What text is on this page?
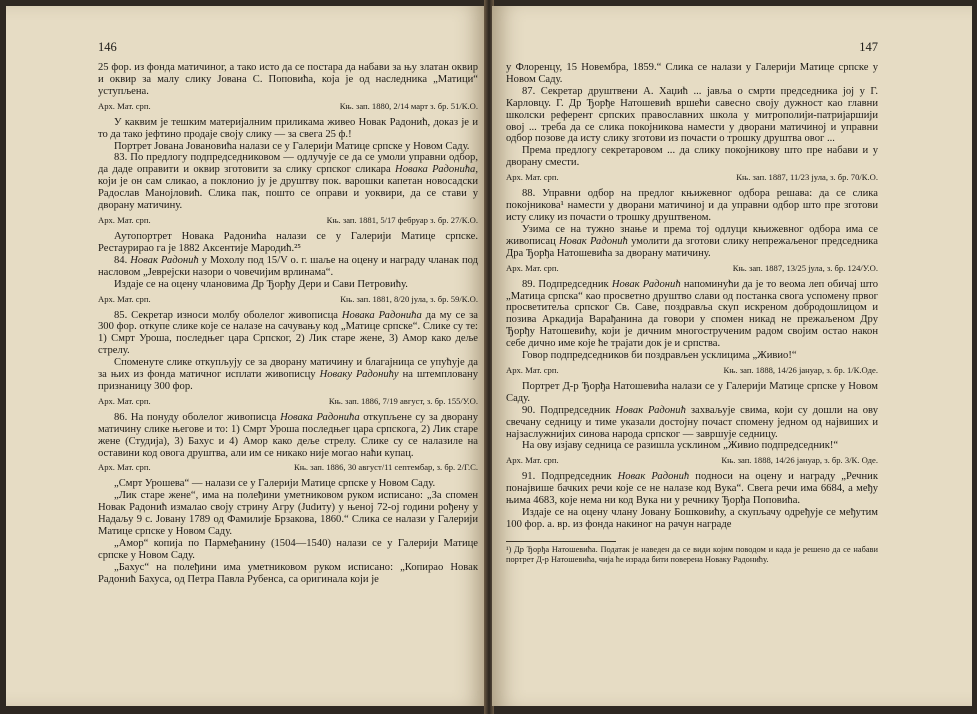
146

25 фор. из фонда матичиног, а тако исто да се постара да набави за њу златан оквир и оквир за малу слику Јована С. Поповића, која је од наследника „Матици“ уступљена.

Арх. Мат. срп.	Књ. зап. 1880, 2/14 март з. бр. 51/К.О.

У каквим је тешким материјалним приликама живео Новак Радонић, доказ је и то да тако јефтино продаје своју слику — за свега 25 ф.!

Портрет Јована Јовановића налази се у Галерији Матице српске у Новом Саду.

83. По предлогу подпредседниковом — одлучује се да се умоли управни одбор, да даде оправити и оквир зготовити за слику српског сликара Новака Радонића, који је он сам сликао, а поклонио ју је друштву пок. варошки капетан новосадски Радослав Манојловић. Слика пак, пошто се оправи и уоквири, да се стави у дворану матичину.

Арх. Мат. срп.	Књ. зап. 1881, 5/17 фебруар з. бр. 27/К.О.

Аутопортрет Новака Радонића налази се у Галерији Матице српске. Рестаурирао га је 1882 Аксентије Мародић.²⁵

84. Новак Радонић у Мохолу под 15/V о. г. шаље на оцену и награду чланак под насловом „Јеврејски назори о човечијим врлинама“.

Издаје се на оцену члановима Др Ђорђу Дери и Сави Петровићу.

Арх. Мат. срп.	Књ. зап. 1881, 8/20 јула, з. бр. 59/К.О.

85. Секретар износи молбу оболелог живописца Новака Радонића да му се за 300 фор. откупе слике које се налазе на сачувању код „Матице српске“. Слике су те: 1) Смрт Уроша, последњег цара Српског, 2) Лик старе жене, 3) Амор како дељe стрелу.

Споменуте слике откупљују се за дворану матичину и благајница се упућује да за њих из фонда матичног исплати живописцу Новаку Радонићу на штемпловану признаницу 300 фор.

Арх. Мат. срп.	Књ. зап. 1886, 7/19 август, з. бр. 155/У.О.

86. На понуду оболелог живописца Новака Радонића откупљене су за дворану матичину слике његове и то: 1) Смрт Уроша последњег цара српскога, 2) Лик старе жене (Студија), 3) Бахус и 4) Амор како деље стрелу. Слике су се налазиле на оставини код овога друштва, али им се никако није могао наћи купац.

Арх. Мат. срп.	Књ. зап. 1886, 30 август/11 септембар, з. бр. 2/Г.С.

„Смрт Урошева“ — налази се у Галерији Матице српске у Новом Саду.

„Лик старе жене“, има на полеђини уметниковом руком исписано: „За спомен Новак Радонић измалао своју стрину Агру (Judиту) у њеној 72-ој години рођену у Надаљу 9 с. Јовану 1789 од Фамилије Брзакова, 1860.“ Слика се налази у Галерији Матице српске у Новом Саду.

„Амор“ копија по Пармеђанину (1504—1540) налази се у Галерији Матице српске у Новом Саду.

„Бахус“ на полеђини има уметниковом руком исписано: „Копирао Новак Радонић Бахуса, од Петра Павла Рубенса, са оригинала који је

147

у Флоренцу, 15 Новембра, 1859.“ Слика се налази у Галерији Матице српске у Новом Саду.

87. Секретар друштвени А. Хаџић ... јавља о смрти председника јој у Г. Карловцу. Г. Др Ђорђе Натошевић вршећи савесно своју дужност као главни школски референт српских православних школа у митрополији-патријаршији овој ... треба да се слика покојникова намести у дворани матичиној и управни одбор позове да исту слику зготови из почасти о трошку друштва овог ...

Према предлогу секретаровом ... да слику покојникову што пре набави и у дворану смести.

Арх. Мат. срп.	Књ. зап. 1887, 11/23 јула, з. бр. 70/К.О.

88. Управни одбор на предлог књижевног одбора решава: да се слика покојникова¹ намести у дворани матичиној и да управни одбор што пре зготови исту слику из почасти о трошку друштвеном.

Узима се на тужно знање и према тој одлуци књижевног одбора има се живописац Новак Радонић умолити да зготови слику непрежаљеног председника Дра Ђорђа Натошевића за дворану матичину.

Арх. Мат. срп.	Књ. зап. 1887, 13/25 јула, з. бр. 124/У.О.

89. Подпредседник Новак Радонић напоминући да је то веома леп обичај што „Матица српска“ као просветно друштво слави од постанка свога успомену првог просветитеља српског Св. Саве, поздравља скуп искреном добродошлицом и позива Аркадија Варађанина да говори у спомен никад не прежаљеном Дру Ђорђу Натошевићу, који је дичним многострученим радом својим остао након себе дично име које ће трајати док је и српства.

Говор подпредседников би поздрављен усклицима „Живио!“

Арх. Мат. срп.	Књ. зап. 1888, 14/26 јануар, з. бр. 1/К.Оде.

Портрет Д-р Ђорђа Натошевића налази се у Галерији Матице српске у Новом Саду.

90. Подпредседник Новак Радонић захваљује свима, који су дошли на ову свечану седницу и тиме указали достојну почаст спомену једном од највиших и најзаслужнијих синова народа српског — завршује седницу.

На ову изјаву седница се разишла усклином „Живио подпредседник!“

Арх. Мат. срп.	Књ. зап. 1888, 14/26 јануар, з. бр. 3/К. Оде.

91. Подпредседник Новак Радонић подноси на оцену и награду „Речник понајвише бачких речи које се не налазе код Вука“. Свега речи има 6684, а међу њима 4683, које нема ни код Вука ни у речнику Ђорђа Поповића.

Издаје се на оцену члану Јовану Бошковићу, а скупљачу одређује се међутим 100 фор. а. вр. из фонда накиног на рачун награде

¹) Др Ђорђа Натошевића. Податак је наведен да се види којим поводом и када је решено да се набави портрет Д-р Натошевића, чија ће израда бити поверена Новаку Радонићу.
